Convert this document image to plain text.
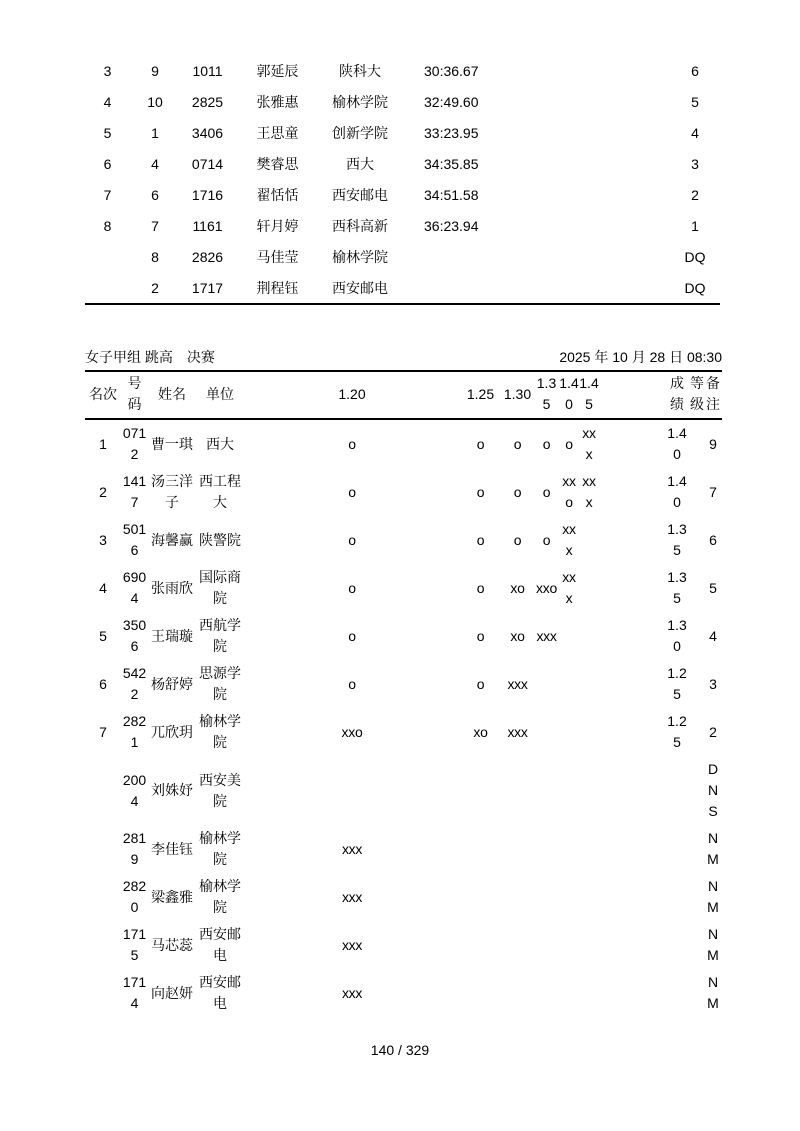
3	9	1011	郭延辰	陕科大	30:36.67		6
4	10	2825	张雅惠	榆林学院	32:49.60		5
5	1	3406	王思童	创新学院	33:23.95		4
6	4	0714	樊睿思	西大	34:35.85		3
7	6	1716	翟恬恬	西安邮电	34:51.58		2
8	7	1161	轩月婷	西科高新	36:23.94		1
	8	2826	马佳莹	榆林学院			DQ
	2	1717	荆程钰	西安邮电			DQ
女子甲组 跳高　决赛	2025 年 10 月 28 日 08:30
名次	号码	姓名	单位	1.20	1.25	1.30	1.35	1.40	1.45		成绩	等级	备注
1	0712	曹一琪	西大	o	o	o	o	o	xxx		1.40		9
2	1417	汤三洋子	西工程大	o	o	o	o	xxo	xxx		1.40		7
3	5016	海馨赢	陕警院	o	o	o	o	xxx			1.35		6
4	6904	张雨欣	国际商院	o	o	xo	xxo	xxx			1.35		5
5	3506	王瑞璇	西航学院	o	o	xo	xxx				1.30		4
6	5422	杨舒婷	思源学院	o	o	xxx					1.25		3
7	2821	兀欣玥	榆林学院	xxo	xo	xxx					1.25		2
	2004	刘姝妤	西安美院										DNS
	2819	李佳钰	榆林学院	xxx									NM
	2820	梁鑫雅	榆林学院	xxx									NM
	1715	马芯蕊	西安邮电	xxx									NM
	1714	向赵妍	西安邮电	xxx									NM
140 / 329
